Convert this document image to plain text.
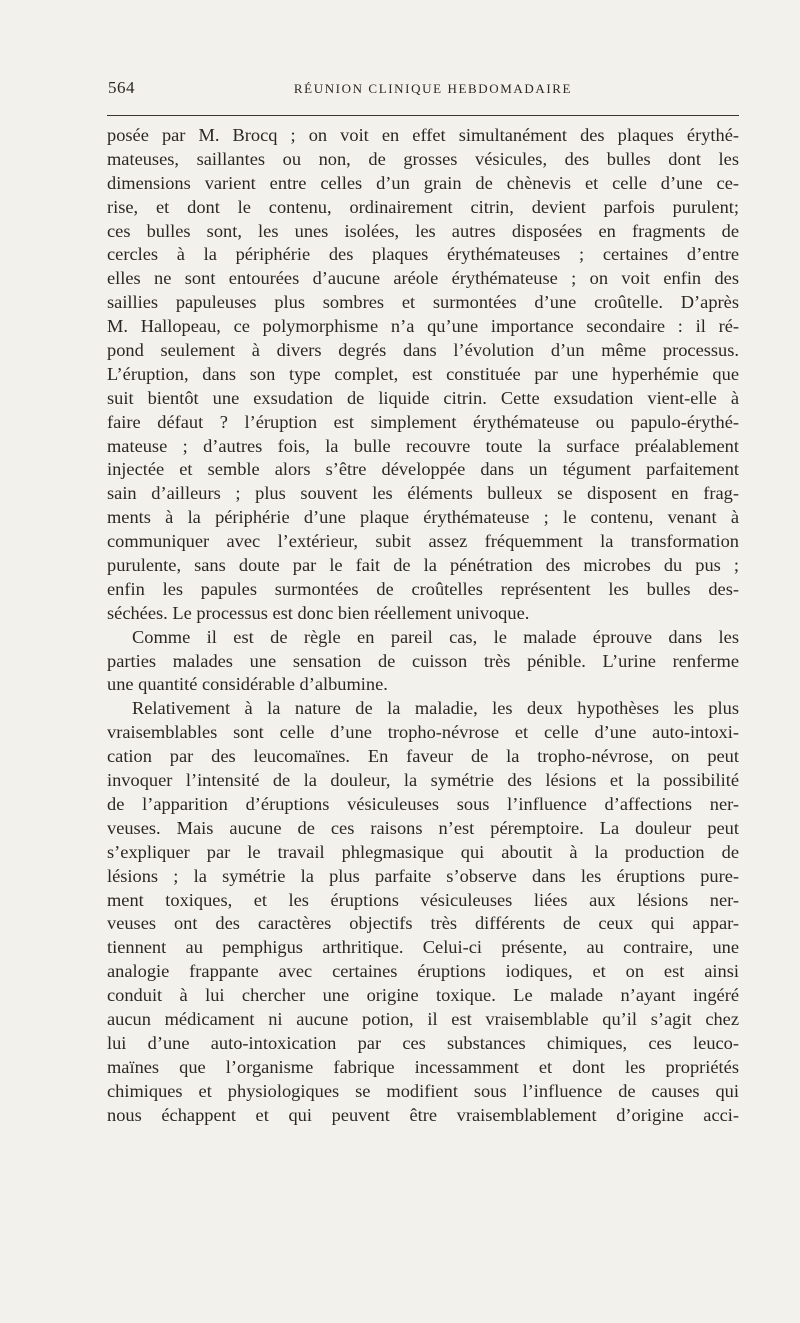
564	RÉUNION CLINIQUE HEBDOMADAIRE
posée par M. Brocq ; on voit en effet simultanément des plaques érythé-
mateuses, saillantes ou non, de grosses vésicules, des bulles dont les
dimensions varient entre celles d’un grain de chènevis et celle d’une ce-
rise, et dont le contenu, ordinairement citrin, devient parfois purulent;
ces bulles sont, les unes isolées, les autres disposées en fragments de
cercles à la périphérie des plaques érythémateuses ; certaines d’entre
elles ne sont entourées d’aucune aréole érythémateuse ; on voit enfin des
saillies papuleuses plus sombres et surmontées d’une croûtelle. D’après
M. Hallopeau, ce polymorphisme n’a qu’une importance secondaire : il ré-
pond seulement à divers degrés dans l’évolution d’un même processus.
L’éruption, dans son type complet, est constituée par une hyperhémie que
suit bientôt une exsudation de liquide citrin. Cette exsudation vient-elle à
faire défaut ? l’éruption est simplement érythémateuse ou papulo-érythé-
mateuse ; d’autres fois, la bulle recouvre toute la surface préalablement
injectée et semble alors s’être développée dans un tégument parfaitement
sain d’ailleurs ; plus souvent les éléments bulleux se disposent en frag-
ments à la périphérie d’une plaque érythémateuse ; le contenu, venant à
communiquer avec l’extérieur, subit assez fréquemment la transformation
purulente, sans doute par le fait de la pénétration des microbes du pus ;
enfin les papules surmontées de croûtelles représentent les bulles des-
séchées. Le processus est donc bien réellement univoque.
Comme il est de règle en pareil cas, le malade éprouve dans les
parties malades une sensation de cuisson très pénible. L’urine renferme
une quantité considérable d’albumine.
Relativement à la nature de la maladie, les deux hypothèses les plus
vraisemblables sont celle d’une tropho-névrose et celle d’une auto-intoxi-
cation par des leucomaïnes. En faveur de la tropho-névrose, on peut
invoquer l’intensité de la douleur, la symétrie des lésions et la possibilité
de l’apparition d’éruptions vésiculeuses sous l’influence d’affections ner-
veuses. Mais aucune de ces raisons n’est péremptoire. La douleur peut
s’expliquer par le travail phlegmasique qui aboutit à la production de
lésions ; la symétrie la plus parfaite s’observe dans les éruptions pure-
ment toxiques, et les éruptions vésiculeuses liées aux lésions ner-
veuses ont des caractères objectifs très différents de ceux qui appar-
tiennent au pemphigus arthritique. Celui-ci présente, au contraire, une
analogie frappante avec certaines éruptions iodiques, et on est ainsi
conduit à lui chercher une origine toxique. Le malade n’ayant ingéré
aucun médicament ni aucune potion, il est vraisemblable qu’il s’agit chez
lui d’une auto-intoxication par ces substances chimiques, ces leuco-
maïnes que l’organisme fabrique incessamment et dont les propriétés
chimiques et physiologiques se modifient sous l’influence de causes qui
nous échappent et qui peuvent être vraisemblablement d’origine acci-
